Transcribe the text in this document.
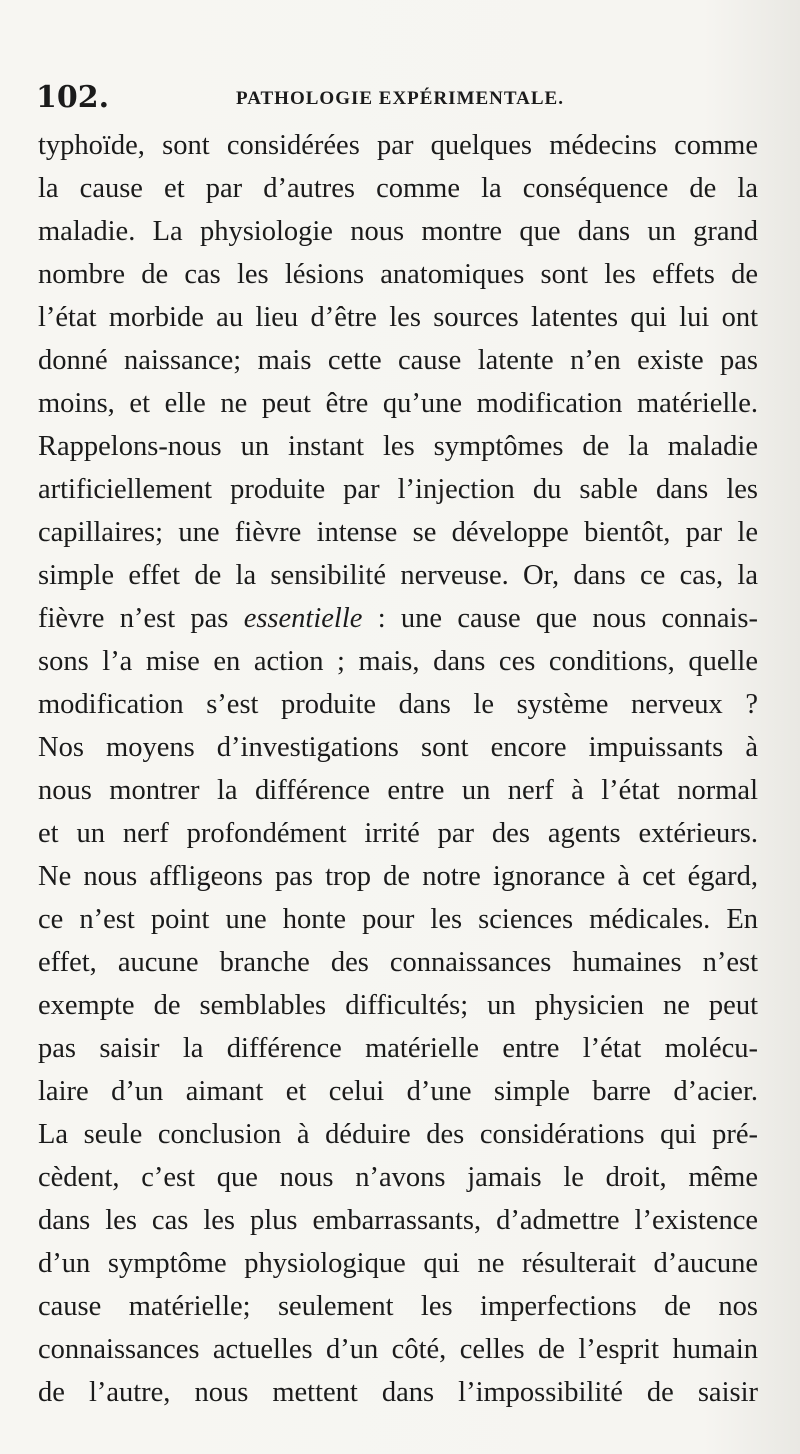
102.	PATHOLOGIE EXPÉRIMENTALE.
typhoïde, sont considérées par quelques médecins comme
la cause et par d’autres comme la conséquence de la
maladie. La physiologie nous montre que dans un grand
nombre de cas les lésions anatomiques sont les effets de
l’état morbide au lieu d’être les sources latentes qui lui ont
donné naissance; mais cette cause latente n’en existe pas
moins, et elle ne peut être qu’une modification matérielle.
Rappelons-nous un instant les symptômes de la maladie
artificiellement produite par l’injection du sable dans les
capillaires; une fièvre intense se développe bientôt, par le
simple effet de la sensibilité nerveuse. Or, dans ce cas, la
fièvre n’est pas essentielle : une cause que nous connais-
sons l’a mise en action ; mais, dans ces conditions, quelle
modification s’est produite dans le système nerveux ?
Nos moyens d’investigations sont encore impuissants à
nous montrer la différence entre un nerf à l’état normal
et un nerf profondément irrité par des agents extérieurs.
Ne nous affligeons pas trop de notre ignorance à cet égard,
ce n’est point une honte pour les sciences médicales. En
effet, aucune branche des connaissances humaines n’est
exempte de semblables difficultés; un physicien ne peut
pas saisir la différence matérielle entre l’état molécu-
laire d’un aimant et celui d’une simple barre d’acier.
La seule conclusion à déduire des considérations qui pré-
cèdent, c’est que nous n’avons jamais le droit, même
dans les cas les plus embarrassants, d’admettre l’existence
d’un symptôme physiologique qui ne résulterait d’aucune
cause matérielle; seulement les imperfections de nos
connaissances actuelles d’un côté, celles de l’esprit humain
de l’autre, nous mettent dans l’impossibilité de saisir
